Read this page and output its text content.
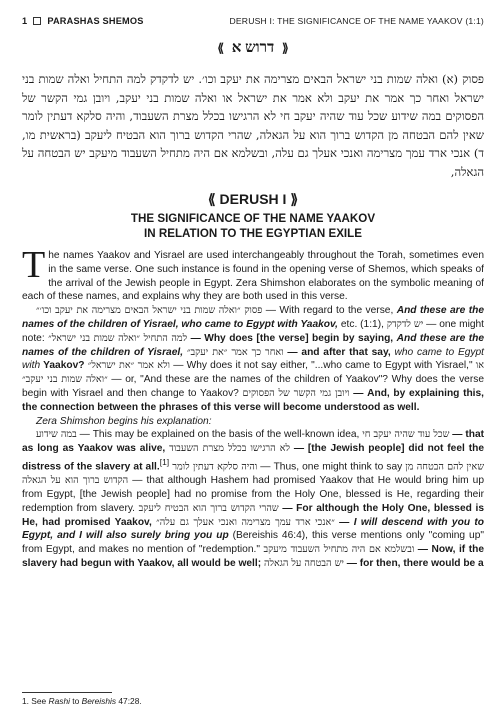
1 PARASHAS SHEMOS	DERUSH I: THE SIGNIFICANCE OF THE NAME YAAKOV (1:1)
⟪ דרוש א ⟫
פסוק (א) ואלה שמות בני ישראל הבאים מצרימה את יעקב וכו׳. יש לדקדק למה התחיל ואלה שמות בני ישראל ואחר כך אמר את יעקב ולא אמר את ישראל או ואלה שמות בני יעקב, ויובן גמי הקשר של הפסוקים במה שידוע שכל עוד שהיה יעקב חי לא הרגישו בכלל מצרת השעבוד, והיה סלקא דעתין לומר שאין להם הבטחה מן הקדוש ברוך הוא על הגאלה, שהרי הקדוש ברוך הוא הבטיח ליעקב (בראשית מו, ד) אנכי ארד עמך מצרימה ואנכי אעלך גם עלה, ובשלמא אם היה מתחיל השעבוד מיעקב יש הבטחה על הגאלה,
⟪ DERUSH I ⟫
THE SIGNIFICANCE OF THE NAME YAAKOV
IN RELATION TO THE EGYPTIAN EXILE

The names Yaakov and Yisrael are used interchangeably throughout the Torah, sometimes even in the same verse. One such instance is found in the opening verse of Shemos, which speaks of the arrival of the Jewish people in Egypt. Zera Shimshon elaborates on the symbolic meaning of each of these names, and explains why they are both used in this verse.

פסוק ״ואלה שמות בני ישראל הבאים מצרימה את יעקב וכו׳״ — With regard to the verse, And these are the names of the children of Yisrael, who came to Egypt with Yaakov, etc. (1:1), יש לדקדק — one might note: למה התחיל ״ואלה שמות בני ישראל״ — Why does [the verse] begin by saying, And these are the names of the children of Yisrael, ואחר כך אמר ״את יעקב״ — and after that say, who came to Egypt with Yaakov? ולא אמר ״את ישראל״ — Why does it not say either, "...who came to Egypt with Yisrael," או ״ואלה שמות בני יעקב״ — or, "And these are the names of the children of Yaakov"? Why does the verse begin with Yisrael and then change to Yaakov? ויובן גמי הקשר של הפסוקים — And, by explaining this, the connection between the phrases of this verse will become understood as well.

Zera Shimshon begins his explanation:

במה שידוע — This may be explained on the basis of the well-known idea, שכל עוד שהיה יעקב חי — that as long as Yaakov was alive, לא הרגישו בכלל מצרת השעבוד — [the Jewish people] did not feel the distress of the slavery at all.[1] והיה סלקא דעתין לומר — Thus, one might think to say שאין להם הבטחה מן הקדוש ברוך הוא על הגאלה — that although Hashem had promised Yaakov that He would bring him up from Egypt, [the Jewish people] had no promise from the Holy One, blessed is He, regarding their redemption from slavery. שהרי הקדוש ברוך הוא הבטיח ליעקב — For although the Holy One, blessed is He, had promised Yaakov, ״אנכי ארד עמך מצרימה ואנכי אעלך גם עלה״ — I will descend with you to Egypt, and I will also surely bring you up (Bereishis 46:4), this verse mentions only "coming up" from Egypt, and makes no mention of "redemption." ובשלמא אם היה מתחיל השעבוד מיעקב — Now, if the slavery had begun with Yaakov, all would be well; יש הבטחה על הגאלה — for then, there would be a

1. See Rashi to Bereishis 47:28.
